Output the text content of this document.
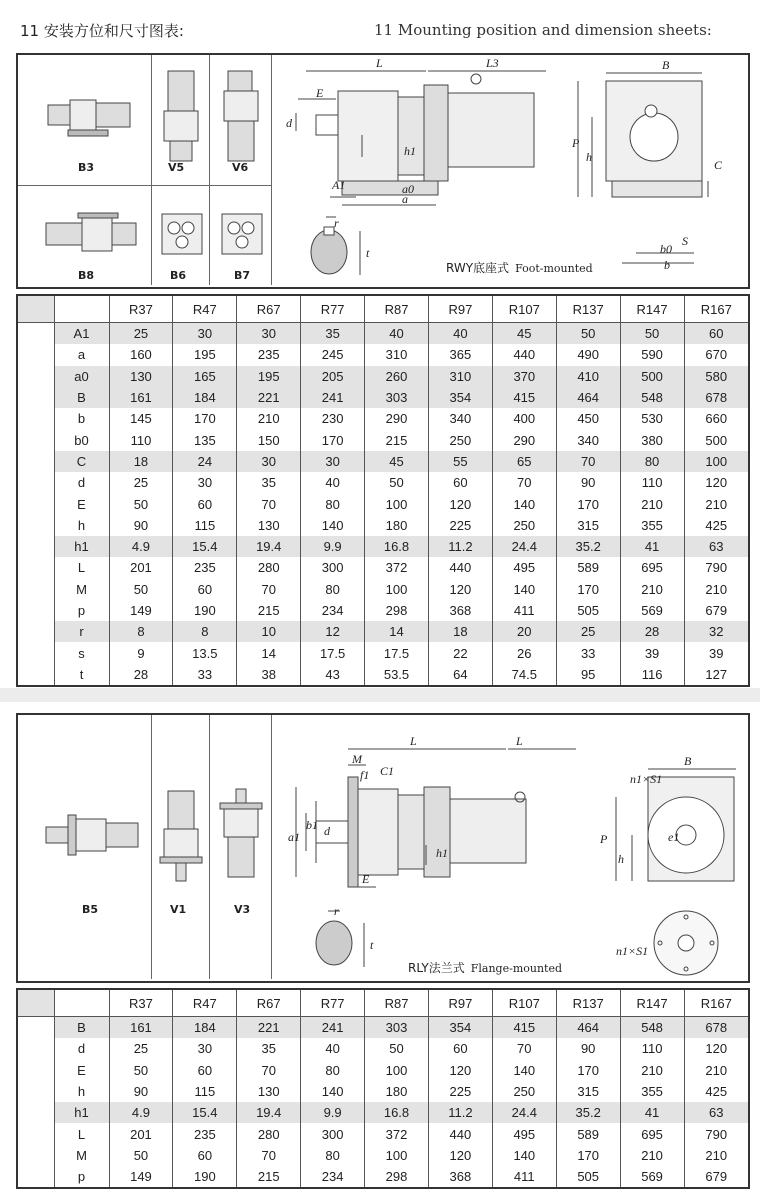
11 安装方位和尺寸图表:	11 Mounting position and dimension sheets:
B3	V5	V6
B8	B6	B7
L	L3
E
d
h1
A1	a0
a
B
P
h
C
S
b0
b
r
t
RWY底座式 Foot-mounted
		R37	R47	R67	R77	R87	R97	R107	R137	R147	R167
	A1	25	30	30	35	40	40	45	50	50	60
	a	160	195	235	245	310	365	440	490	590	670
	a0	130	165	195	205	260	310	370	410	500	580
	B	161	184	221	241	303	354	415	464	548	678
	b	145	170	210	230	290	340	400	450	530	660
	b0	110	135	150	170	215	250	290	340	380	500
	C	18	24	30	30	45	55	65	70	80	100
	d	25	30	35	40	50	60	70	90	110	120
	E	50	60	70	80	100	120	140	170	210	210
	h	90	115	130	140	180	225	250	315	355	425
	h1	4.9	15.4	19.4	9.9	16.8	11.2	24.4	35.2	41	63
	L	201	235	280	300	372	440	495	589	695	790
	M	50	60	70	80	100	120	140	170	210	210
	p	149	190	215	234	298	368	411	505	569	679
	r	8	8	10	12	14	18	20	25	28	32
	s	9	13.5	14	17.5	17.5	22	26	33	39	39
	t	28	33	38	43	53.5	64	74.5	95	116	127
B5	V1	V3
M
L	L
f1 C1
b1 d
a1
E
h1
B
n1×S1
e1
P
h
r
t	n1×S1
RLY法兰式 Flange-mounted
		R37	R47	R67	R77	R87	R97	R107	R137	R147	R167
	B	161	184	221	241	303	354	415	464	548	678
	d	25	30	35	40	50	60	70	90	110	120
	E	50	60	70	80	100	120	140	170	210	210
	h	90	115	130	140	180	225	250	315	355	425
	h1	4.9	15.4	19.4	9.9	16.8	11.2	24.4	35.2	41	63
	L	201	235	280	300	372	440	495	589	695	790
	M	50	60	70	80	100	120	140	170	210	210
	p	149	190	215	234	298	368	411	505	569	679
